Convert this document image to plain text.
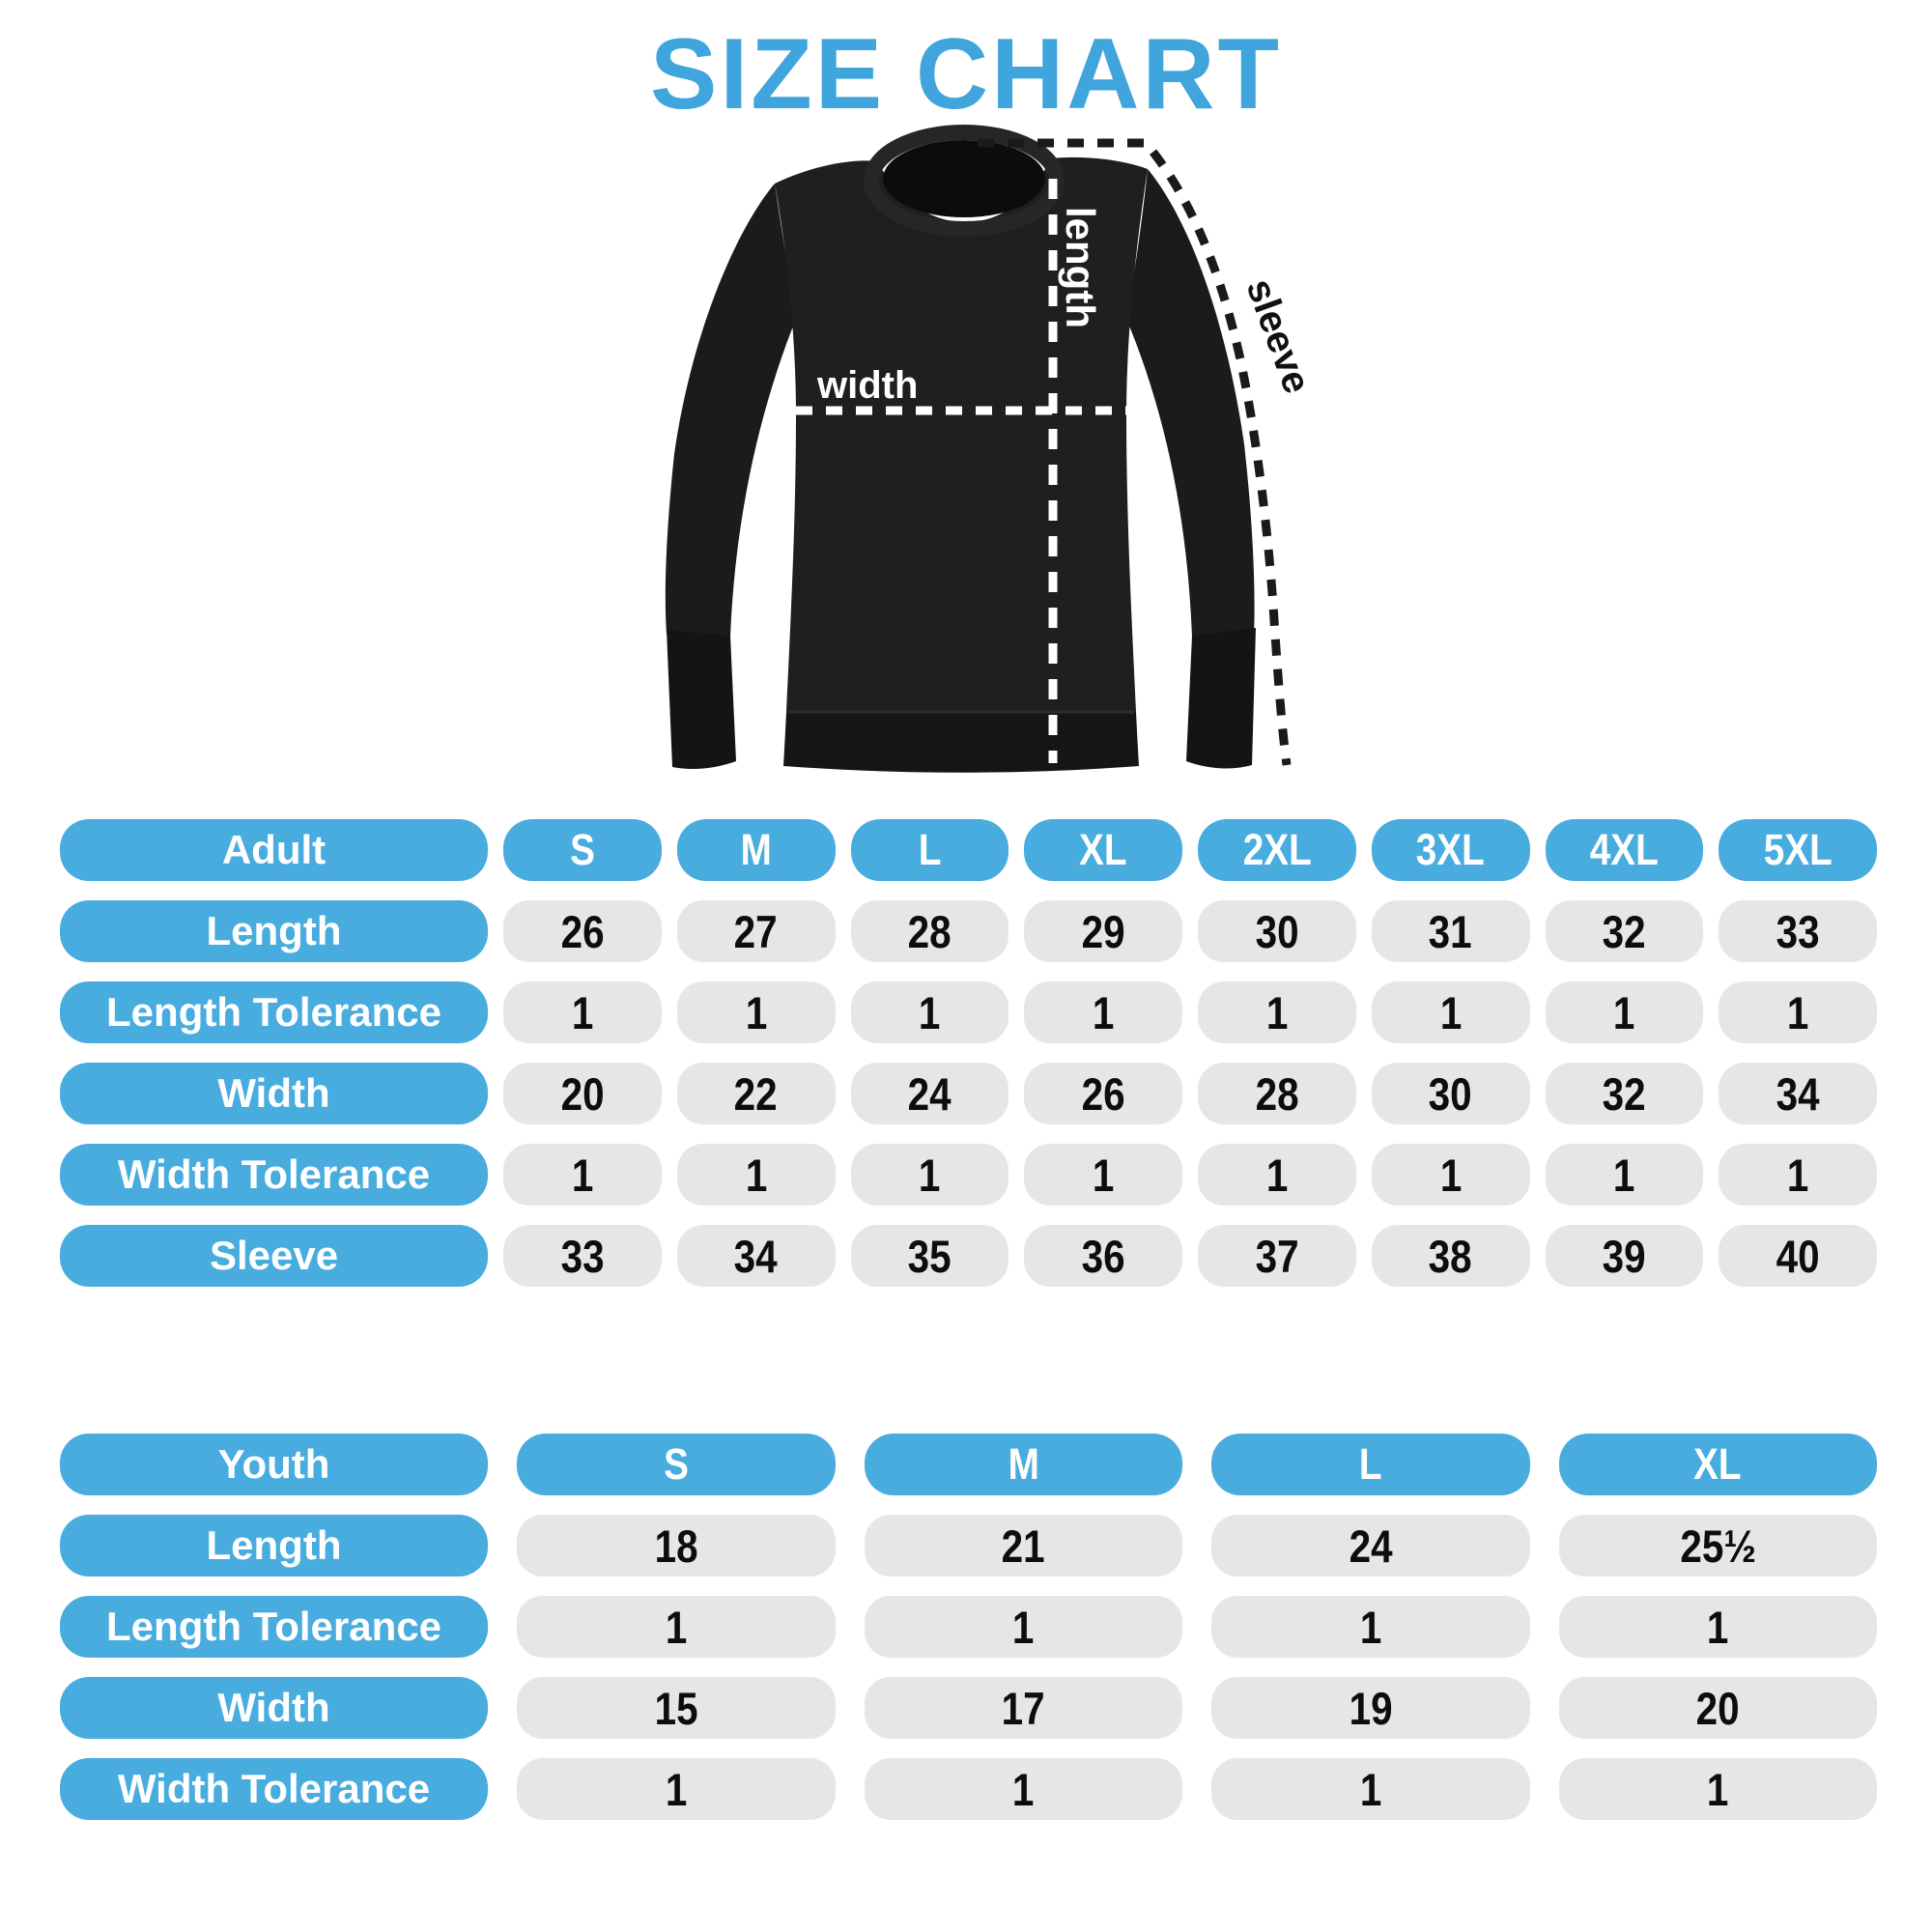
SIZE CHART
width
length
sleeve
Adult	S	M	L	XL	2XL 3XL 4XL 5XL
Length	26	27	28	29	30	31	32	33
Length Tolerance	1	1	1	1	1	1	1	1
Width	20	22	24	26	28	30	32	34
Width Tolerance	1	1	1	1	1	1	1	1
Sleeve	33	34	35	36	37	38	39	40
Youth	S	M	L	XL
Length	18	21	24	25½
Length Tolerance	1	1	1	1
Width	15	17	19	20
Width Tolerance	1	1	1	1
